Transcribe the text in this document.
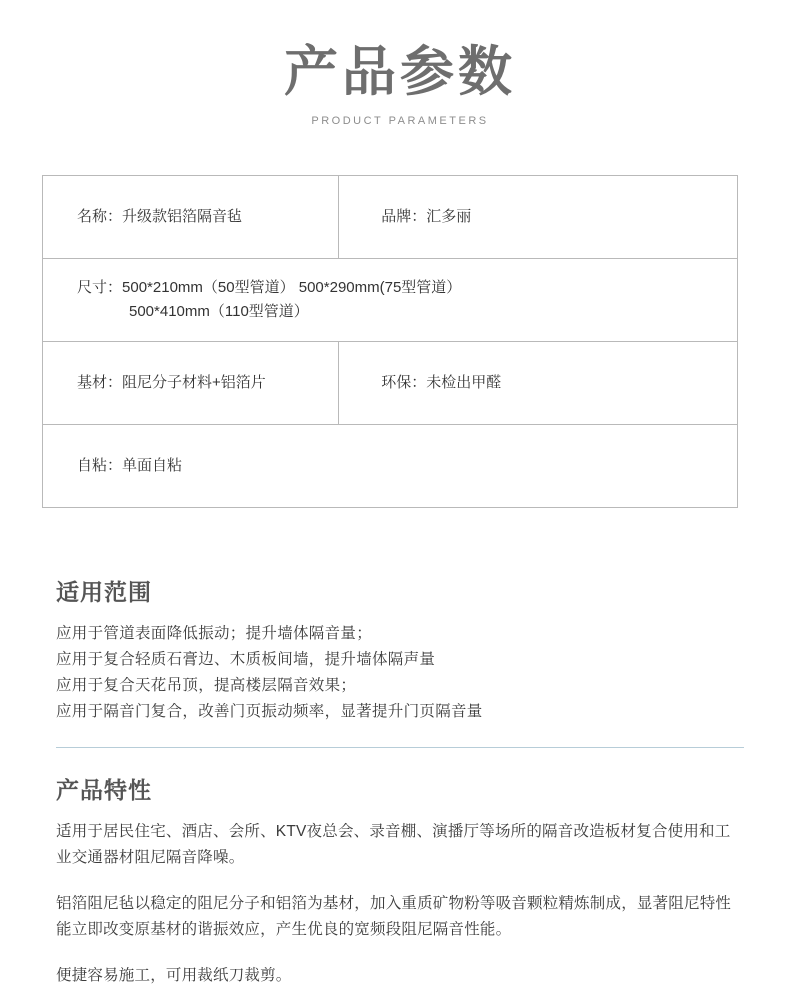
产品参数
PRODUCT PARAMETERS
名称：升级款铝箔隔音毡	品牌：汇多丽
尺寸：500*210mm（50型管道） 500*290mm(75型管道）
500*410mm（110型管道）	

基材：阻尼分子材料+铝箔片	环保：未检出甲醛
自粘：单面自粘	
适用范围
应用于管道表面降低振动；提升墙体隔音量；
应用于复合轻质石膏边、木质板间墙，提升墙体隔声量
应用于复合天花吊顶，提高楼层隔音效果；
应用于隔音门复合，改善门页振动频率，显著提升门页隔音量
产品特性

适用于居民住宅、酒店、会所、KTV夜总会、录音棚、演播厅等场所的隔音改造板材复合使用和工业交通器材阻尼隔音降噪。

铝箔阻尼毡以稳定的阻尼分子和铝箔为基材，加入重质矿物粉等吸音颗粒精炼制成，显著阻尼特性能立即改变原基材的谐振效应，产生优良的宽频段阻尼隔音性能。

便捷容易施工，可用裁纸刀裁剪。
